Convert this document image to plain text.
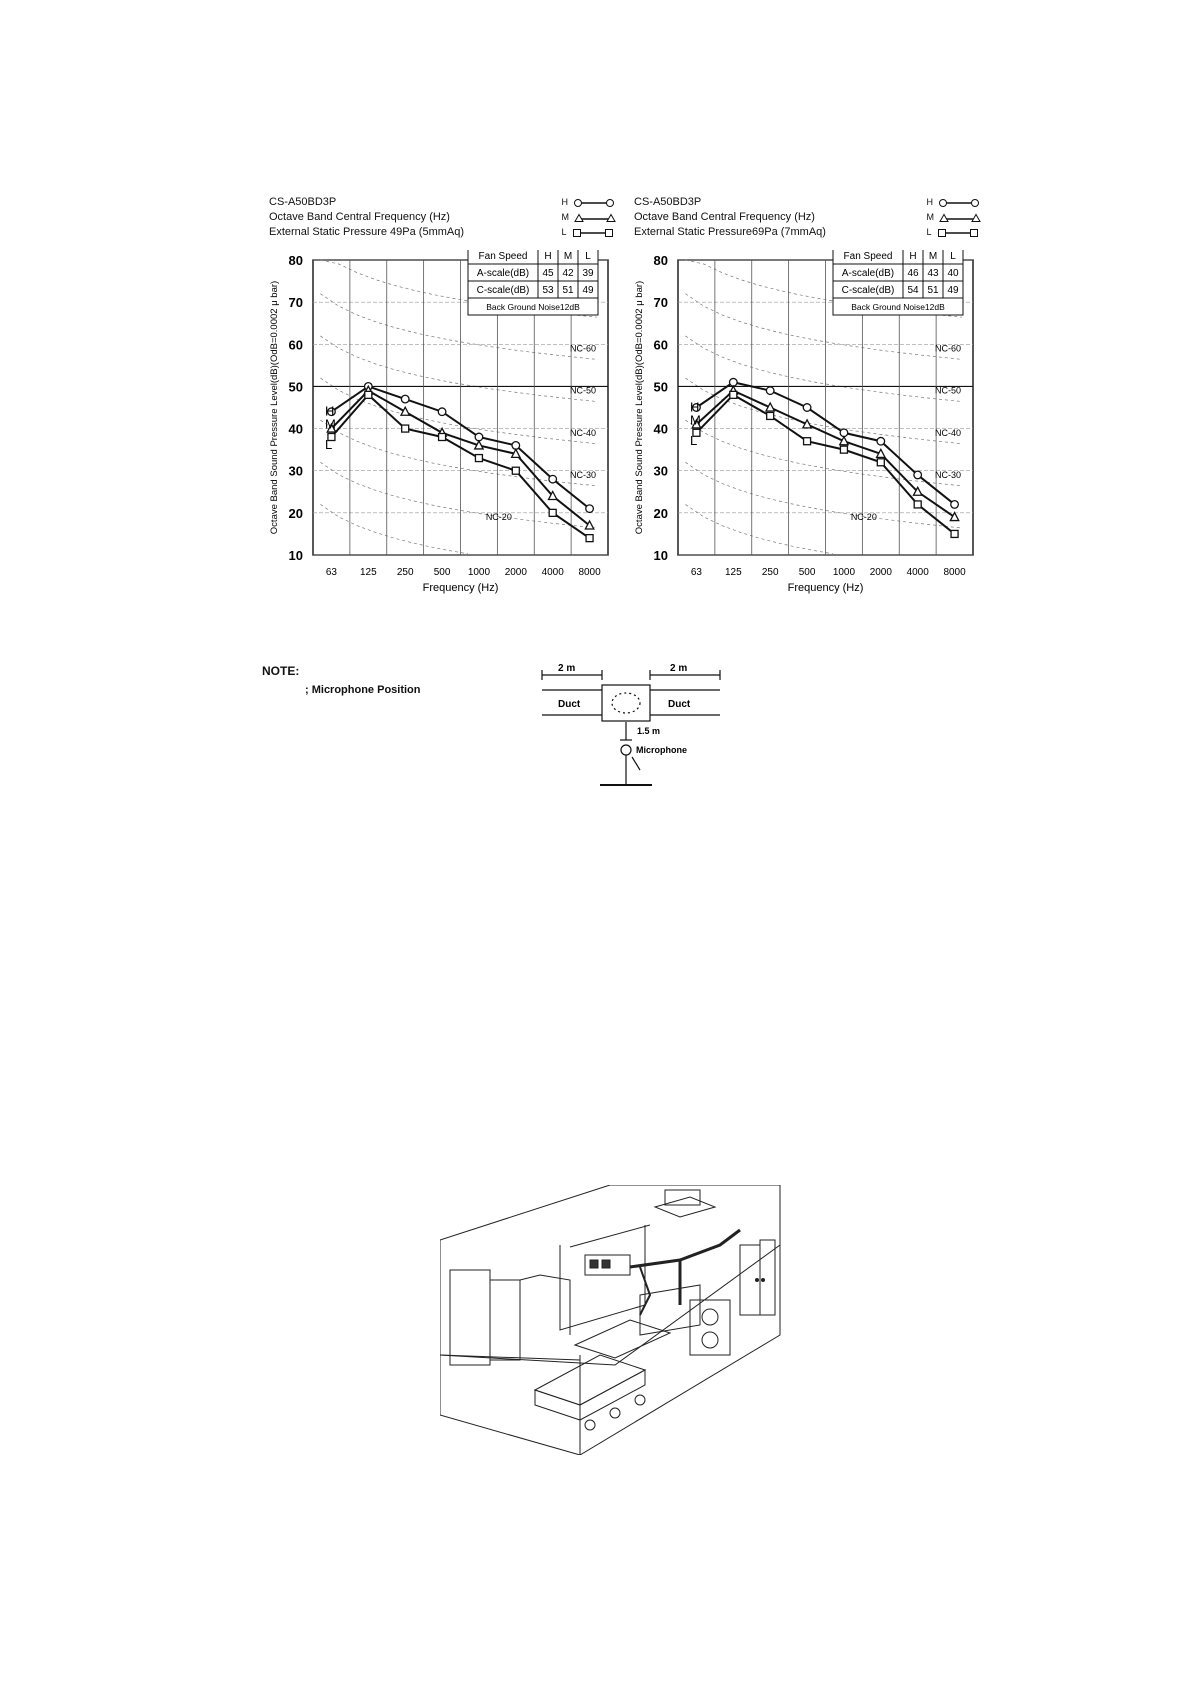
CS-A50BD3P
Octave Band Central Frequency (Hz)
External Static Pressure 49Pa (5mmAq)
H
M
L
10
20
30
40
50
60
70
80
63 125 250 500 1000 2000 4000 8000
Frequency (Hz)
Octave Band Sound Pressure Level(dB)(OdB=0.0002 μ bar)	NC-60
NC-50
NC-40
NC-30
NC-20
H
M
L
Fan Speed H M L
A-scale(dB) 45 42 39
C-scale(dB) 53 51 49
Back Ground Noise12dB
CS-A50BD3P
Octave Band Central Frequency (Hz)
External Static Pressure69Pa (7mmAq)
H
M
L
10
20
30
40
50
60
70
80
63 125 250 500 1000 2000 4000 8000
Frequency (Hz)
Octave Band Sound Pressure Level(dB)(OdB=0.0002 μ bar)	NC-60
NC-50
NC-40
NC-30
NC-20
H
M
L
Fan Speed H M L
A-scale(dB) 46 43 40
C-scale(dB) 54 51 49
Back Ground Noise12dB
NOTE:
; Microphone Position
2 m	2 m
Duct	Duct
1.5 m
Microphone
